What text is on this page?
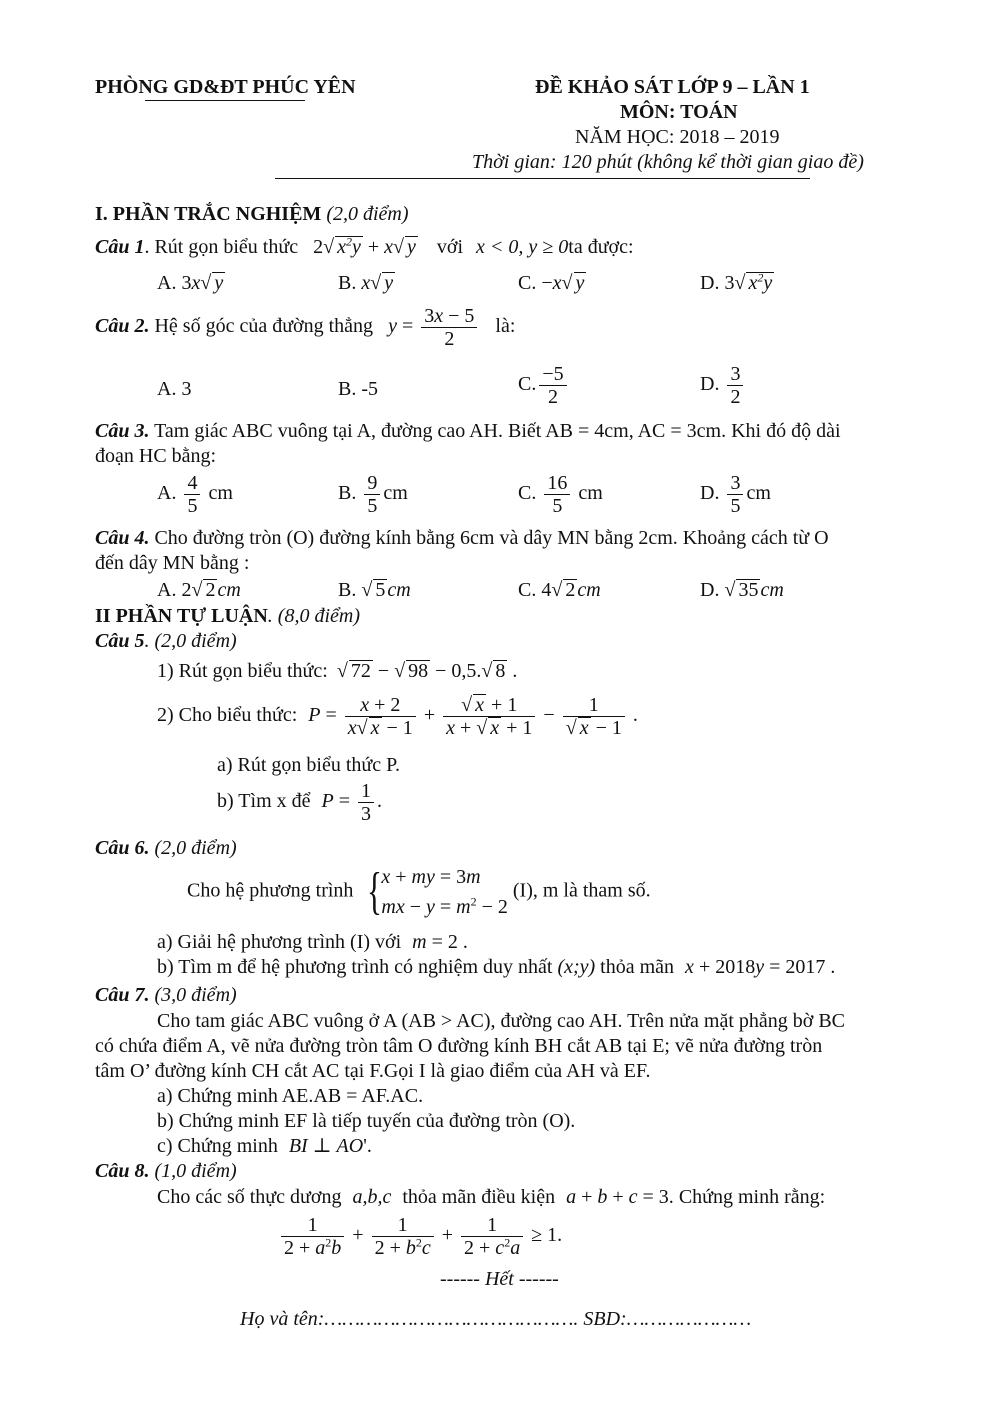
PHÒNG GD&ĐT PHÚC YÊN	ĐỀ KHẢO SÁT LỚP 9 – LẦN 1
MÔN: TOÁN
NĂM HỌC: 2018 – 2019
Thời gian: 120 phút (không kể thời gian giao đề)
I. PHẦN TRẮC NGHIỆM (2,0 điểm)
Câu 1. Rút gọn biểu thức 2√ $x^2y + x√$ y với x < 0, y ≥ 0ta được:
A. 3x√ y	B. x√ y	C. −x√ y	D. 3√ $x^2y$
Câu 2. Hệ số góc của đường thẳng $y = \frac{3x - 5}{2}$ là:
A. 3	B. -5	C. $\frac{-5}{2}$	D. $\frac{3}{2}$
Câu 3. Tam giác ABC vuông tại A, đường cao AH. Biết AB = 4cm, AC = 3cm. Khi đó độ dài
đoạn HC bằng:
A. $\frac{4}{5}$ cm	B. $\frac{9}{5}$ cm	C. $\frac{16}{5}$ cm	D. $\frac{3}{5}$ cm
Câu 4. Cho đường tròn (O) đường kính bằng 6cm và dây MN bằng 2cm. Khoảng cách từ O
đến dây MN bằng :
A. 2√ 2 cm	B. √ 5 cm	C. 4√ 2 cm	D. √ 35 cm
II PHẦN TỰ LUẬN. (8,0 điểm)
Câu 5. (2,0 điểm)
1) Rút gọn biểu thức: √ 72 − √ 98 − 0,5.√ 8 .
2) Cho biểu thức: $P = \frac{x + 2}{x√ x - 1} + \frac{√ x + 1}{x + √ x + 1} - \frac{1}{√ x - 1}$ .
a) Rút gọn biểu thức P.
b) Tìm x để $P = \frac{1}{3}$ .
Câu 6. (2,0 điểm)
Cho hệ phương trình {
x + my = 3m
mx − $y = m^2 - 2$
(I), m là tham số.
a) Giải hệ phương trình (I) với m = 2 .
b) Tìm m để hệ phương trình có nghiệm duy nhất (x;y) thỏa mãn x + 2018y = 2017 .
Câu 7. (3,0 điểm)
Cho tam giác ABC vuông ở A (AB > AC), đường cao AH. Trên nửa mặt phẳng bờ BC
có chứa điểm A, vẽ nửa đường tròn tâm O đường kính BH cắt AB tại E; vẽ nửa đường tròn
tâm O’ đường kính CH cắt AC tại F.Gọi I là giao điểm của AH và EF.
a) Chứng minh AE.AB = AF.AC.
b) Chứng minh EF là tiếp tuyến của đường tròn (O).
c) Chứng minh BI ⊥ AO'.
Câu 8. (1,0 điểm)
Cho các số thực dương a,b,c thỏa mãn điều kiện a + b + c = 3. Chứng minh rằng:
$\frac{1}{2 + a^2b} + \frac{1}{2 + b^2c} + \frac{1}{2 + c^2a} \ge 1$.
------ Hết ------
Họ và tên:……………………………………. SBD:…………………
